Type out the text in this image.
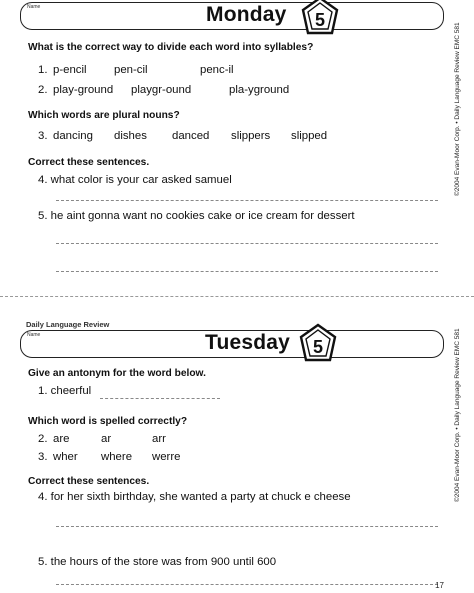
Name	Monday 5
What is the correct way to divide each word into syllables?
1. p-encil pen-cil	penc-il
2. play-ground playgr-ound	pla-yground
Which words are plural nouns?
3. dancing dishes danced slippers slipped
Correct these sentences.
4. what color is your car asked samuel
5. he aint gonna want no cookies cake or ice cream for dessert
©2004 Evan-Moor Corp. • Daily Language Review EMC 581
Daily Language Review
Name	Tuesday 5
Give an antonym for the word below.
1. cheerful
Which word is spelled correctly?
2. are	ar	arr
3. wher where werre
Correct these sentences.
4. for her sixth birthday, she wanted a party at chuck e cheese
5. the hours of the store was from 900 until 600
©2004 Evan-Moor Corp. • Daily Language Review EMC 581
17
